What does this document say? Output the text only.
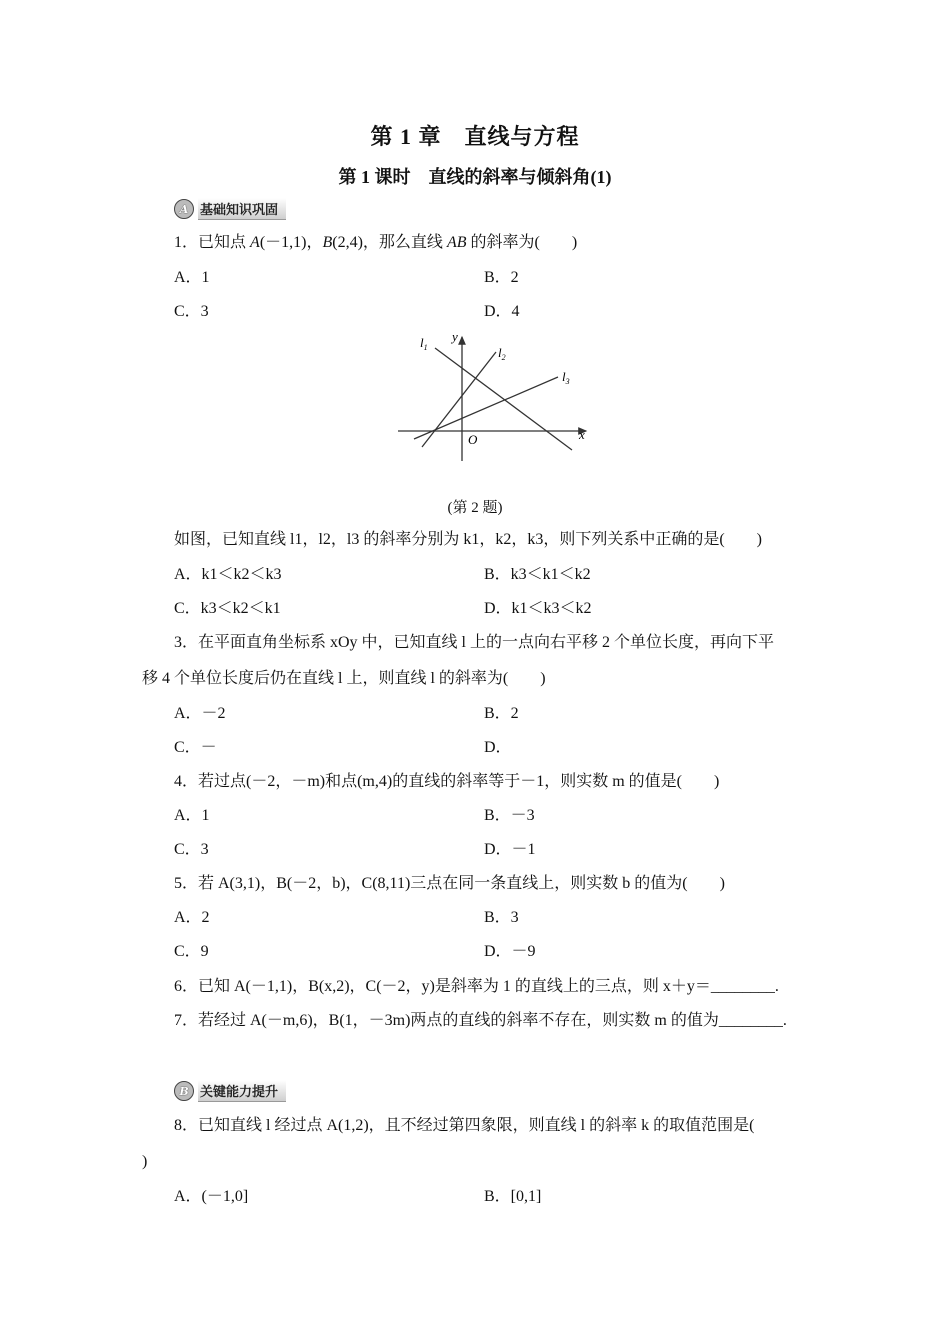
第 1 章　直线与方程
第 1 课时　直线的斜率与倾斜角(1)
A 基础知识巩固
1．已知点 A(－1,1)，B(2,4)，那么直线 AB 的斜率为(　　)
A．1	B．2
C．3	D．4
$l_1$	$l_2$
$l_3$
y
x
O
(第 2 题)
如图，已知直线 l1，l2，l3 的斜率分别为 k1，k2，k3，则下列关系中正确的是(　　)
A．k1＜k2＜k3	B．k3＜k1＜k2
C．k3＜k2＜k1	D．k1＜k3＜k2
3．在平面直角坐标系 xOy 中，已知直线 l 上的一点向右平移 2 个单位长度，再向下平
移 4 个单位长度后仍在直线 l 上，则直线 l 的斜率为(　　)
A．－2	B．2
C．－	D．
4．若过点(－2，－m)和点(m,4)的直线的斜率等于－1，则实数 m 的值是(　　)
A．1	B．－3
C．3	D．－1
5．若 A(3,1)，B(－2，b)，C(8,11)三点在同一条直线上，则实数 b 的值为(　　)
A．2	B．3
C．9	D．－9
6．已知 A(－1,1)，B(x,2)，C(－2，y)是斜率为 1 的直线上的三点，则 x＋y＝________.
7．若经过 A(－m,6)，B(1，－3m)两点的直线的斜率不存在，则实数 m 的值为________.
B 关键能力提升
8．已知直线 l 经过点 A(1,2)，且不经过第四象限，则直线 l 的斜率 k 的取值范围是(
)
A．(－1,0]	B．[0,1]
